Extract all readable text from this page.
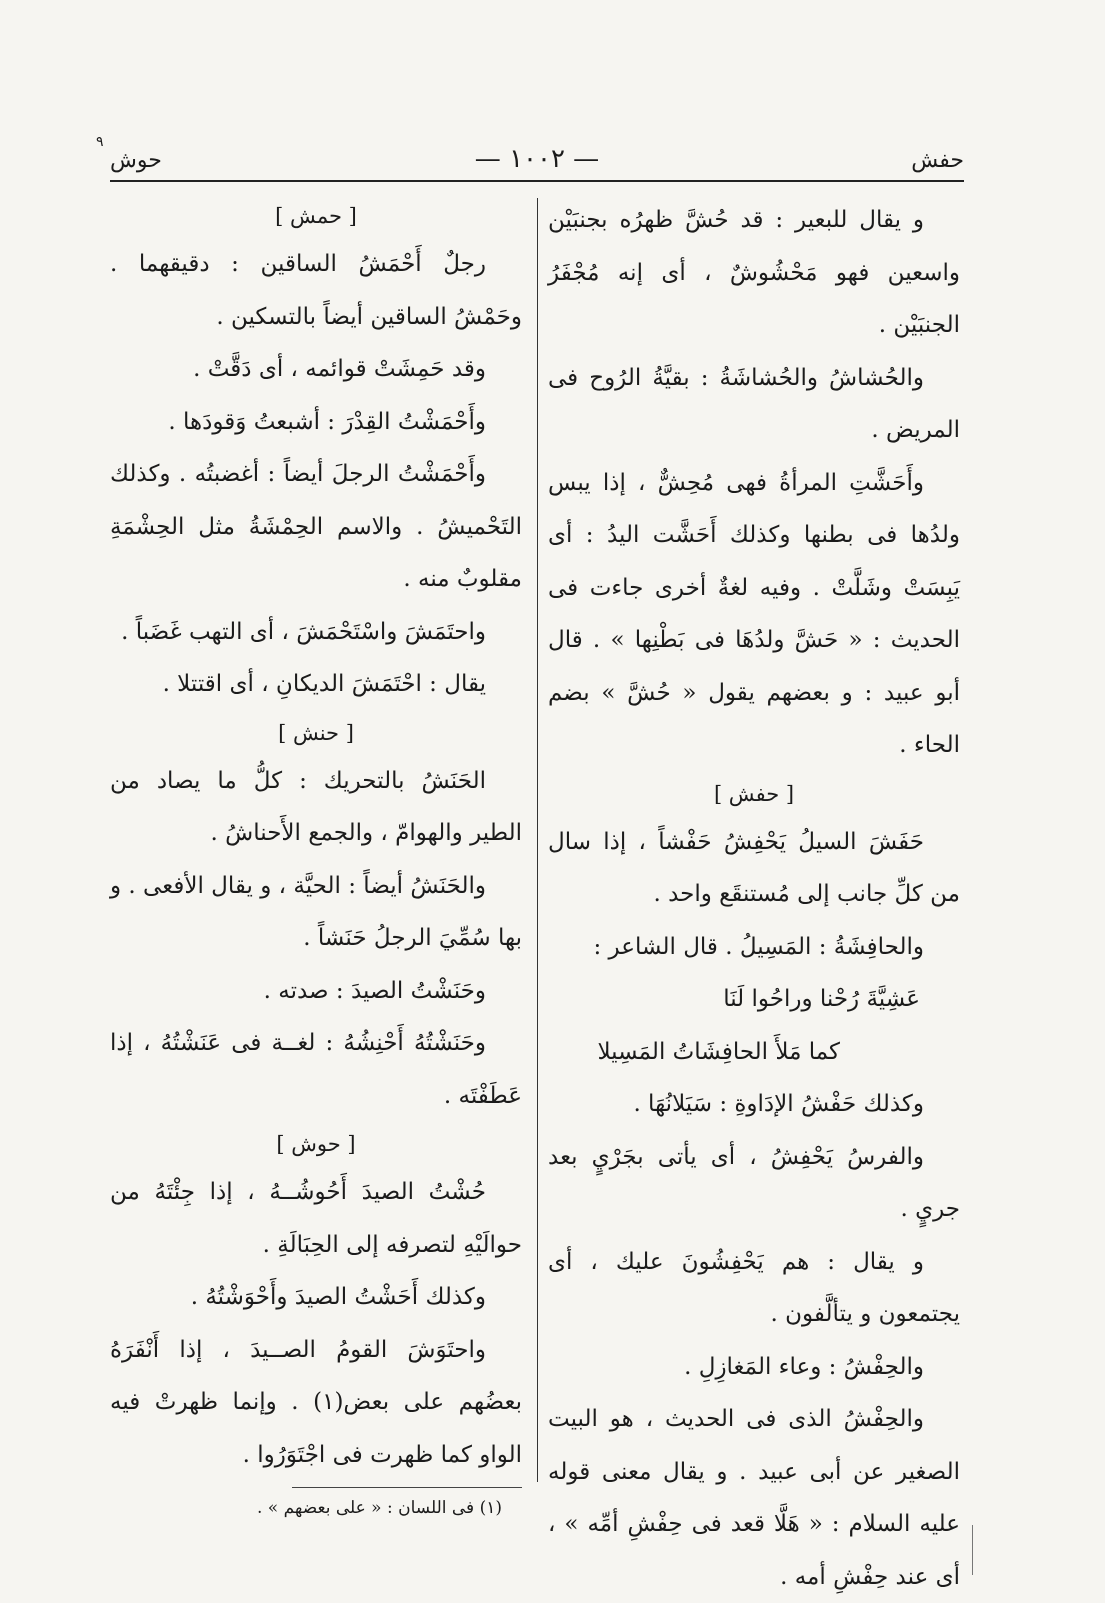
٩
حفش
— ١٠٠٢ —
حوش

و يقال للبعير : قد حُشَّ ظهرُه بجنبَيْن واسعين فهو مَحْشُوشٌ ، أى إنه مُجْفَرُ الجنبَيْن .

والحُشاشُ والحُشاشَةُ : بقيَّةُ الرُوح فى المريض .

وأَحَشَّتِ المرأةُ فهى مُحِشٌّ ، إذا يبس ولدُها فى بطنها وكذلك أَحَشَّت اليدُ : أى يَبِسَتْ وشَلَّتْ . وفيه لغةٌ أخرى جاءت فى الحديث : « حَشَّ ولدُهَا فى بَطْنِها » . قال أبو عبيد : و بعضهم يقول « حُشَّ » بضم الحاء .

[ حفش ]

حَفَشَ السيلُ يَحْفِشُ حَفْشاً ، إذا سال من كلِّ جانب إلى مُستنقَع واحد .

والحافِشَةُ : المَسِيلُ . قال الشاعر :

عَشِيَّةَ رُحْنا وراحُوا لَنَا

كما مَلأَ الحافِشَاتُ المَسِيلا

وكذلك حَفْشُ الإدَاوةِ : سَيَلانُهَا .

والفرسُ يَحْفِشُ ، أى يأتى بجَرْيٍ بعد جريٍ .

و يقال : هم يَحْفِشُونَ عليك ، أى يجتمعون و يتألَّفون .

والحِفْشُ : وعاء المَغازِلِ .

والحِفْشُ الذى فى الحديث ، هو البيت الصغير عن أبى عبيد . و يقال معنى قوله عليه السلام : « هَلَّا قعد فى حِفْشِ أمِّه » ، أى عند حِفْشِ أمه .

[ حمش ]

رجلٌ أَحْمَشُ الساقين : دقيقهما . وحَمْشُ الساقين أيضاً بالتسكين .

وقد حَمِشَتْ قوائمه ، أى دَقَّتْ .

وأَحْمَشْتُ القِدْرَ : أشبعتُ وَقودَها .

وأَحْمَشْتُ الرجلَ أيضاً : أغضبتُه . وكذلك التَحْميشُ . والاسم الحِمْشَةُ مثل الحِشْمَةِ مقلوبٌ منه .

واحتَمَشَ واسْتَحْمَشَ ، أى التهب غَضَباً .

يقال : احْتَمَشَ الديكانِ ، أى اقتتلا .

[ حنش ]

الحَنَشُ بالتحريك : كلُّ ما يصاد من الطير والهوامّ ، والجمع الأَحناشُ .

والحَنَشُ أيضاً : الحيَّة ، و يقال الأفعى . و بها سُمِّيَ الرجلُ حَنَشاً .

وحَنَشْتُ الصيدَ : صدته .

وحَنَشْتُهُ أَحْنِشُهُ : لغــة فى عَنَشْتُهُ ، إذا عَطَفْتَه .

[ حوش ]

حُشْتُ الصيدَ أَحُوشُــهُ ، إذا جِئْتَهُ من حوالَيْهِ لتصرفه إلى الحِبَالَةِ .

وكذلك أَحَشْتُ الصيدَ وأَحْوَشْتُهُ .

واحتَوَشَ القومُ الصــيدَ ، إذا أَنْفَرَهُ بعضُهم على بعض(١) . وإنما ظهرتْ فيه الواو كما ظهرت فى اجْتَوَرُوا .

(١) فى اللسان : « على بعضهم » .
